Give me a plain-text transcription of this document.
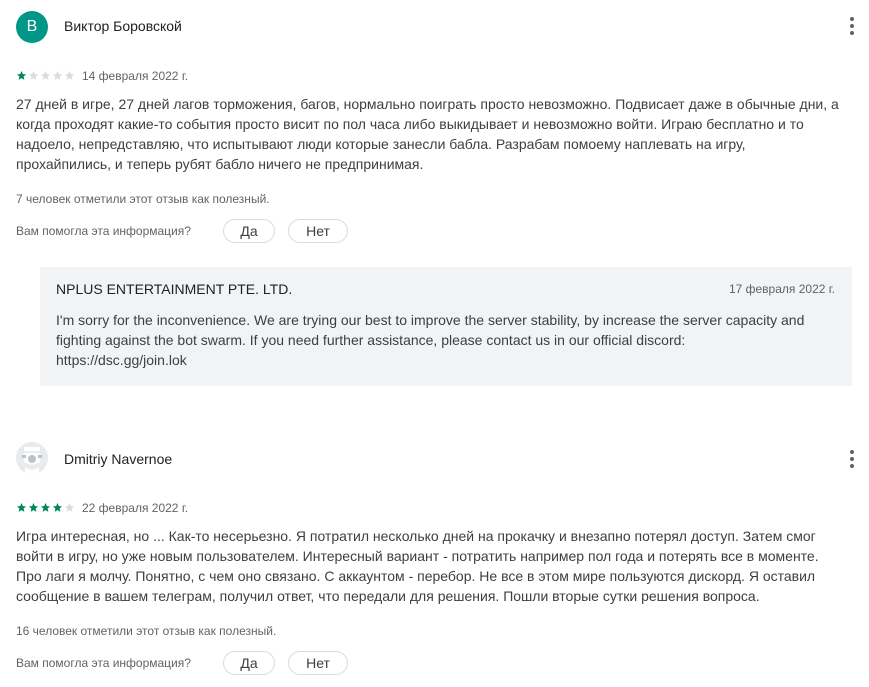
В Виктор Боровской
14 февраля 2022 г.
27 дней в игре, 27 дней лагов торможения, багов, нормально поиграть просто невозможно. Подвисает даже в обычные дни, а
когда проходят какие-то события просто висит по пол часа либо выкидывает и невозможно войти. Играю бесплатно и то
надоело, непредставляю, что испытывают люди которые занесли бабла. Разрабам помоему наплевать на игру,
прохайпились, и теперь рубят бабло ничего не предпринимая.
7 человек отметили этот отзыв как полезный.
Вам помогла эта информация?	Да	Нет
NPLUS ENTERTAINMENT PTE. LTD.	17 февраля 2022 г.
I'm sorry for the inconvenience. We are trying our best to improve the server stability, by increase the server capacity and
fighting against the bot swarm. If you need further assistance, please contact us in our official discord:
https://dsc.gg/join.lok
Dmitriy Navernoe
22 февраля 2022 г.
Игра интересная, но ... Как-то несерьезно. Я потратил несколько дней на прокачку и внезапно потерял доступ. Затем смог
войти в игру, но уже новым пользователем. Интересный вариант - потратить например пол года и потерять все в моменте.
Про лаги я молчу. Понятно, с чем оно связано. С аккаунтом - перебор. Не все в этом мире пользуются дискорд. Я оставил
сообщение в вашем телеграм, получил ответ, что передали для решения. Пошли вторые сутки решения вопроса.
16 человек отметили этот отзыв как полезный.
Вам помогла эта информация?	Да	Нет
